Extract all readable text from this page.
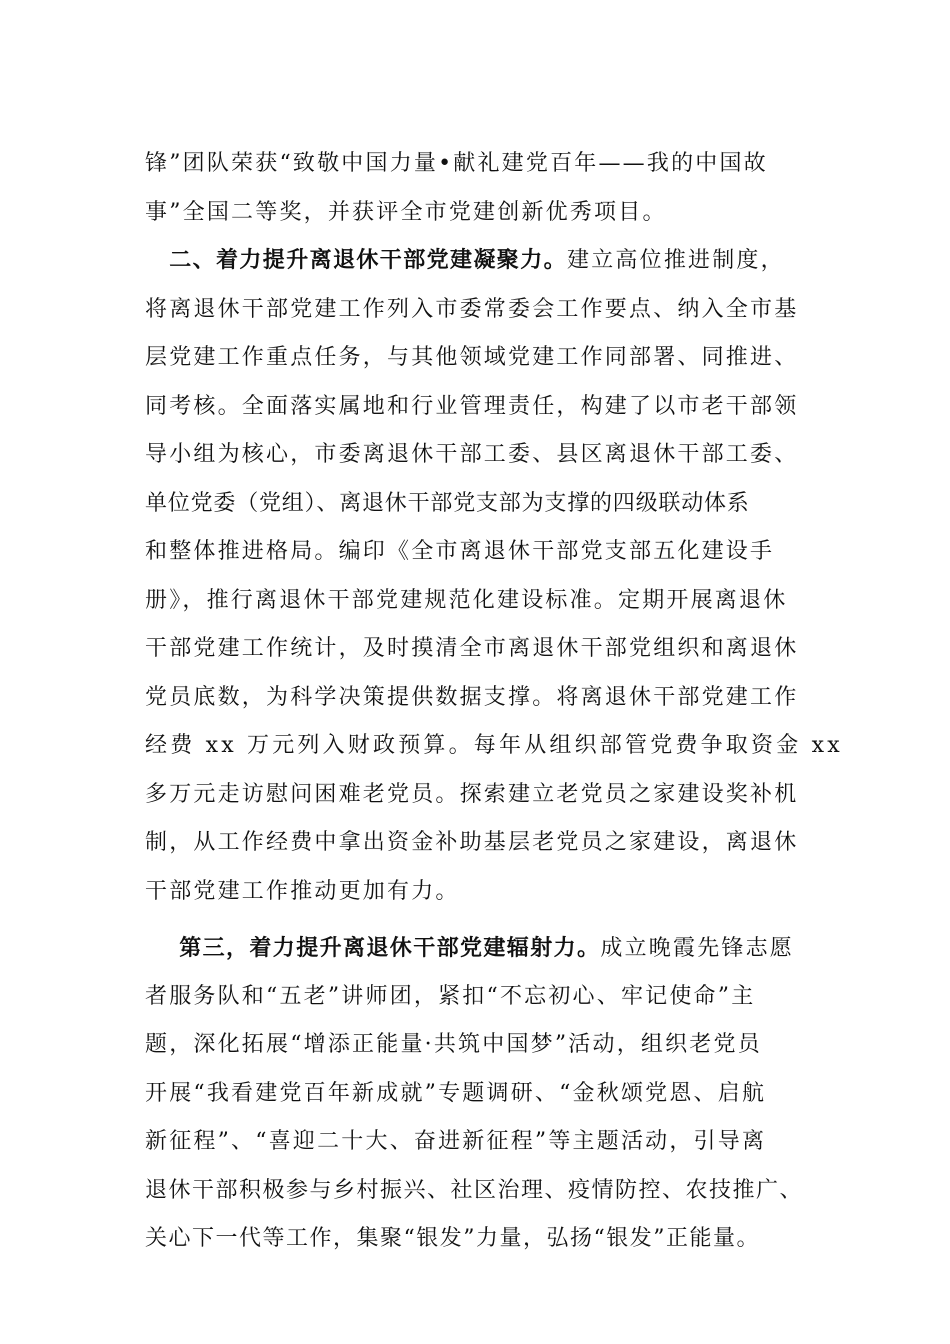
锋”团队荣获“致敬中国力量•献礼建党百年——我的中国故
事”全国二等奖，并获评全市党建创新优秀项目。
 二、着力提升离退休干部党建凝聚力。建立高位推进制度，
将离退休干部党建工作列入市委常委会工作要点、纳入全市基
层党建工作重点任务，与其他领域党建工作同部署、同推进、
同考核。全面落实属地和行业管理责任，构建了以市老干部领
导小组为核心，市委离退休干部工委、县区离退休干部工委、
单位党委（党组）、离退休干部党支部为支撑的四级联动体系
和整体推进格局。编印《全市离退休干部党支部五化建设手
册》，推行离退休干部党建规范化建设标准。定期开展离退休
干部党建工作统计，及时摸清全市离退休干部党组织和离退休
党员底数，为科学决策提供数据支撑。将离退休干部党建工作
经费 xx 万元列入财政预算。每年从组织部管党费争取资金 xx
多万元走访慰问困难老党员。探索建立老党员之家建设奖补机
制，从工作经费中拿出资金补助基层老党员之家建设，离退休
干部党建工作推动更加有力。
 第三，着力提升离退休干部党建辐射力。成立晚霞先锋志愿
者服务队和“五老”讲师团，紧扣“不忘初心、牢记使命”主
题，深化拓展“增添正能量·共筑中国梦”活动，组织老党员
开展“我看建党百年新成就”专题调研、“金秋颂党恩、启航
新征程”、“喜迎二十大、奋进新征程”等主题活动，引导离
退休干部积极参与乡村振兴、社区治理、疫情防控、农技推广、
关心下一代等工作，集聚“银发”力量，弘扬“银发”正能量。
